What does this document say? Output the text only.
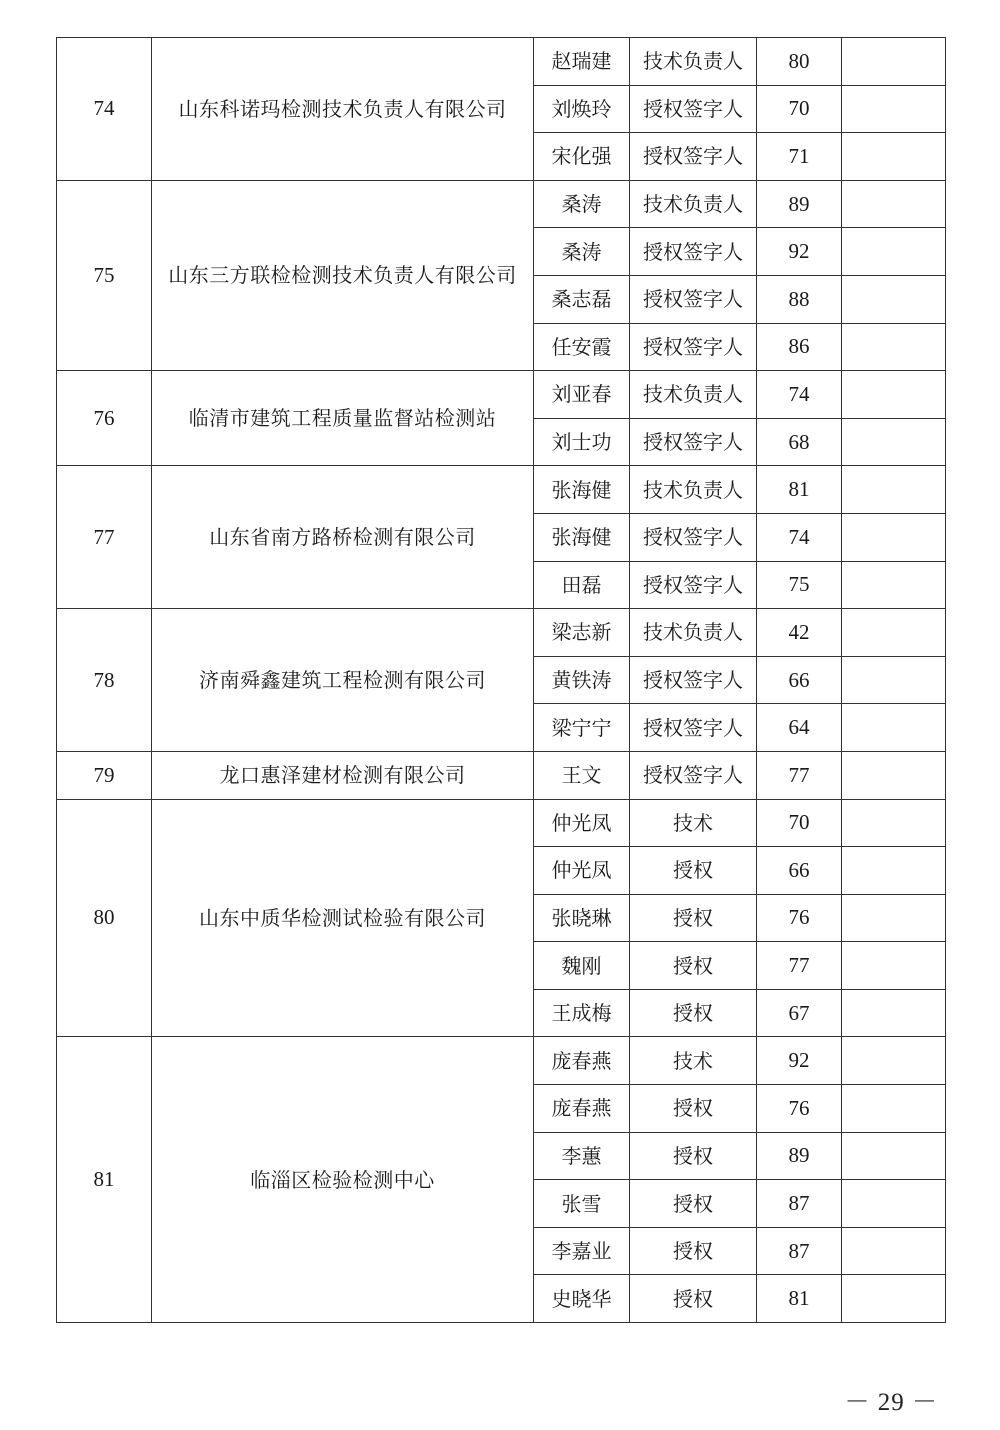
74	山东科诺玛检测技术负责人有限公司	赵瑞建	技术负责人	80	
		刘焕玲	授权签字人	70	
		宋化强	授权签字人	71	
75	山东三方联检检测技术负责人有限公司	桑涛	技术负责人	89	
		桑涛	授权签字人	92	
		桑志磊	授权签字人	88	
		任安霞	授权签字人	86	
76	临清市建筑工程质量监督站检测站	刘亚春	技术负责人	74	
		刘士功	授权签字人	68	
77	山东省南方路桥检测有限公司	张海健	技术负责人	81	
		张海健	授权签字人	74	
		田磊	授权签字人	75	
78	济南舜鑫建筑工程检测有限公司	梁志新	技术负责人	42	
		黄铁涛	授权签字人	66	
		梁宁宁	授权签字人	64	
79	龙口惠泽建材检测有限公司	王文	授权签字人	77	
80	山东中质华检测试检验有限公司	仲光凤	技术	70	
		仲光凤	授权	66	
		张晓琳	授权	76	
		魏刚	授权	77	
		王成梅	授权	67	
81	临淄区检验检测中心	庞春燕	技术	92	
		庞春燕	授权	76	
		李蕙	授权	89	
		张雪	授权	87	
		李嘉业	授权	87	
		史晓华	授权	81	
－ 29 －
